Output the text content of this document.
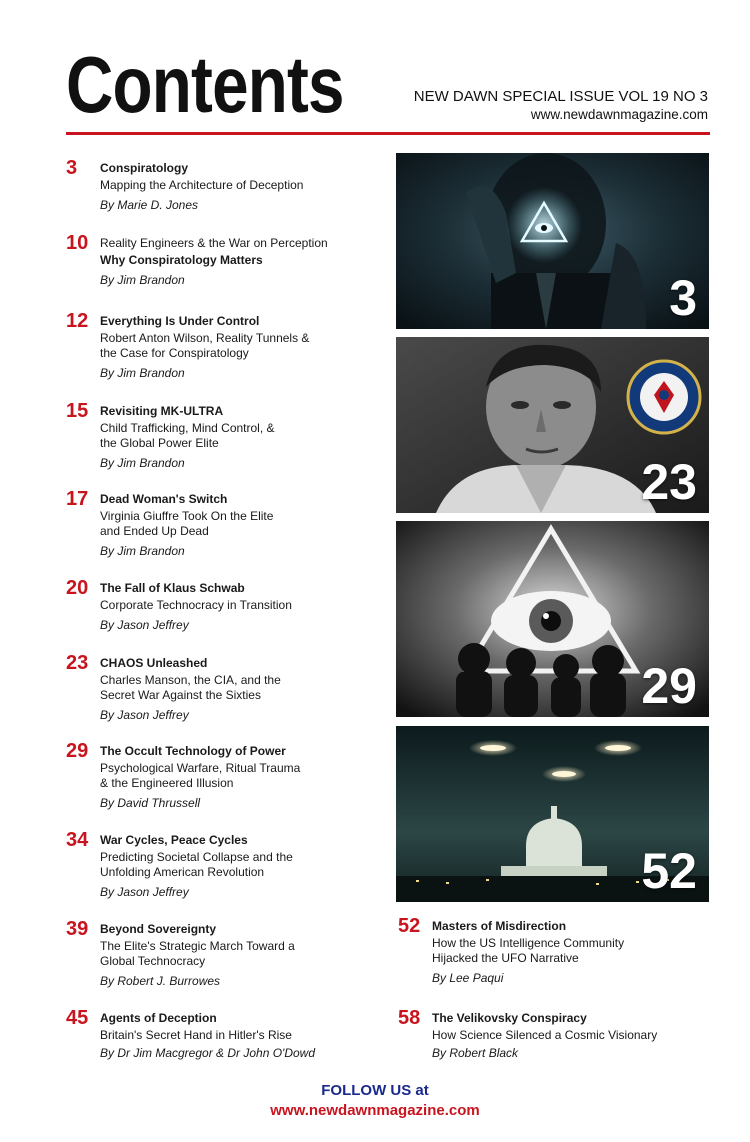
Contents	NEW DAWN SPECIAL ISSUE VOL 19 NO 3
www.newdawnmagazine.com
3	Conspiratology
Mapping the Architecture of Deception
By Marie D. Jones
10 Reality Engineers & the War on Perception
Why Conspiratology Matters
By Jim Brandon
12 Everything Is Under Control
Robert Anton Wilson, Reality Tunnels & the Case for Conspiratology
By Jim Brandon
15 Revisiting MK-ULTRA
Child Trafficking, Mind Control, & the Global Power Elite
By Jim Brandon
17 Dead Woman's Switch
Virginia Giuffre Took On the Elite and Ended Up Dead
By Jim Brandon
20 The Fall of Klaus Schwab
Corporate Technocracy in Transition
By Jason Jeffrey
23 CHAOS Unleashed
Charles Manson, the CIA, and the Secret War Against the Sixties
By Jason Jeffrey
29 The Occult Technology of Power
Psychological Warfare, Ritual Trauma & the Engineered Illusion
By David Thrussell
34 War Cycles, Peace Cycles
Predicting Societal Collapse and the Unfolding American Revolution
By Jason Jeffrey
39 Beyond Sovereignty
The Elite's Strategic March Toward a Global Technocracy
By Robert J. Burrowes
45 Agents of Deception
Britain's Secret Hand in Hitler's Rise
By Dr Jim Macgregor & Dr John O'Dowd
52 Masters of Misdirection
How the US Intelligence Community Hijacked the UFO Narrative
By Lee Paqui
58 The Velikovsky Conspiracy
How Science Silenced a Cosmic Visionary
By Robert Black
3
23
29
52
FOLLOW US at
www.newdawnmagazine.com
